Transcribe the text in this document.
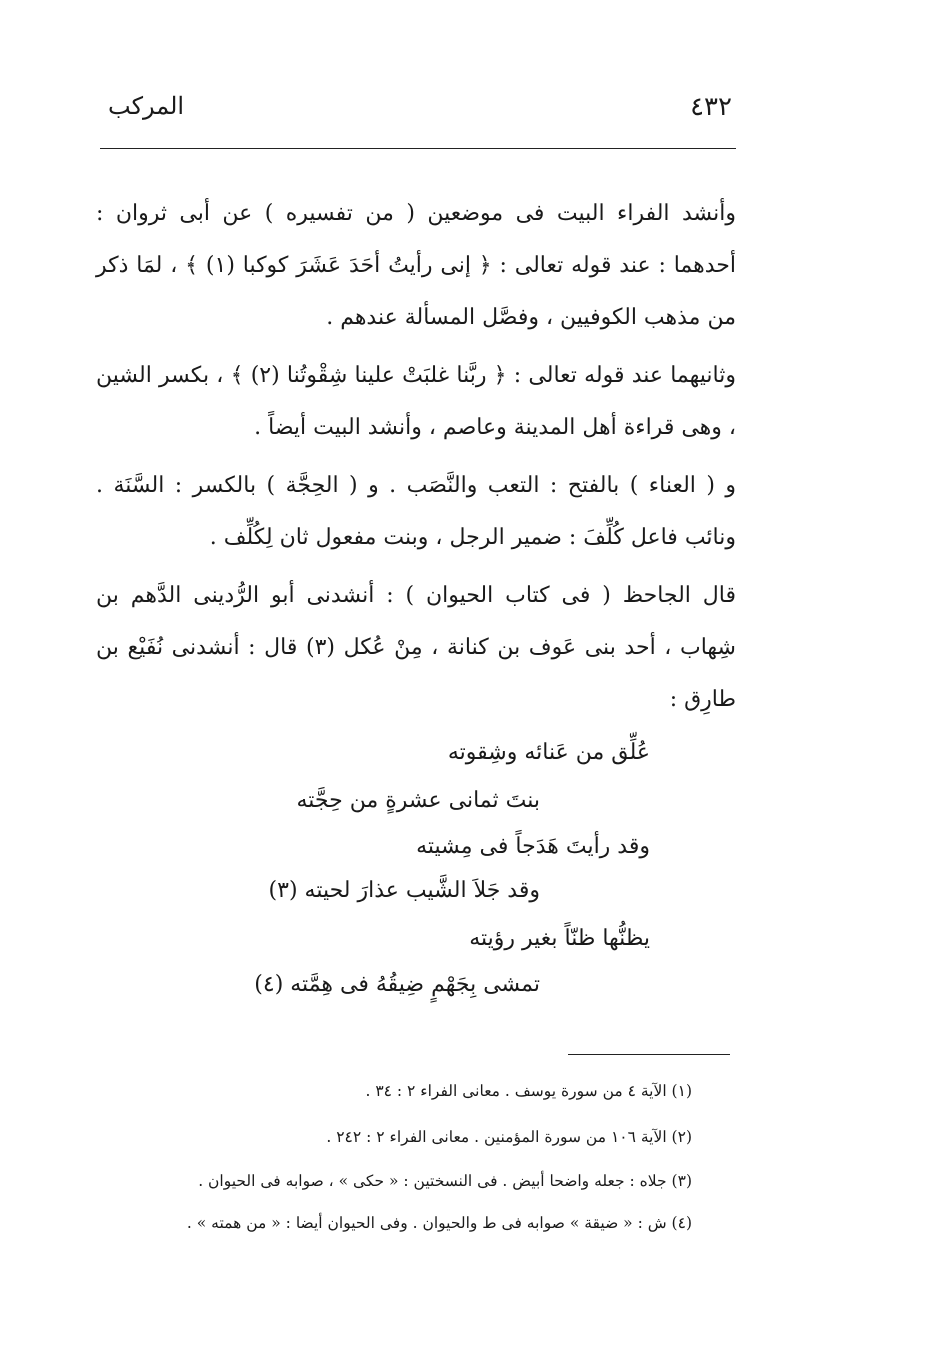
٤٣٢
المركب

وأنشد الفراء البيت فى موضعين ( من تفسيره ) عن أبى ثروان : أحدهما : عند قوله تعالى : ﴿ إنى رأيتُ أحَدَ عَشَرَ كوكبا (١) ﴾ ، لمَا ذكر من مذهب الكوفيين ، وفصَّل المسألة عندهم .

وثانيهما عند قوله تعالى : ﴿ ربَّنا غلبَتْ علينا شِقْوتُنا (٢) ﴾ ، بكسر الشين ، وهى قراءة أهل المدينة وعاصم ، وأنشد البيت أيضاً .

و ( العناء ) بالفتح : التعب والنَّصَب . و ( الحِجَّة ) بالكسر : السَّنَة . ونائب فاعل كُلِّفَ : ضمير الرجل ، وبنت مفعول ثان لِكُلِّف .

قال الجاحظ ( فى كتاب الحيوان ) : أنشدنى أبو الرُّدينى الدَّهم بن شِهاب ، أحد بنى عَوف بن كنانة ، مِنْ عُكل (٣) قال : أنشدنى نُفَيْع بن طارِق :

عُلِّق من عَنائه وشِقوته
بنتَ ثمانى عشرةٍ من حِجَّته
وقد رأيتَ هَدَجاً فى مِشيته
وقد جَلاَ الشَّيب عذارَ لحيته (٣)
يظنُّها ظنّاً بغير رؤيته
تمشى بِجَهْمٍ ضِيقُهُ فى هِمَّته (٤)
(١) الآية ٤ من سورة يوسف . معانى الفراء ٢ : ٣٤ .
(٢) الآية ١٠٦ من سورة المؤمنين . معانى الفراء ٢ : ٢٤٢ .
(٣) جلاه : جعله واضحا أبيض . فى النسختين : « حكى » ، صوابه فى الحيوان .
(٤) ش : « ضيقة » صوابه فى ط والحيوان . وفى الحيوان أيضا : « من همته » .
